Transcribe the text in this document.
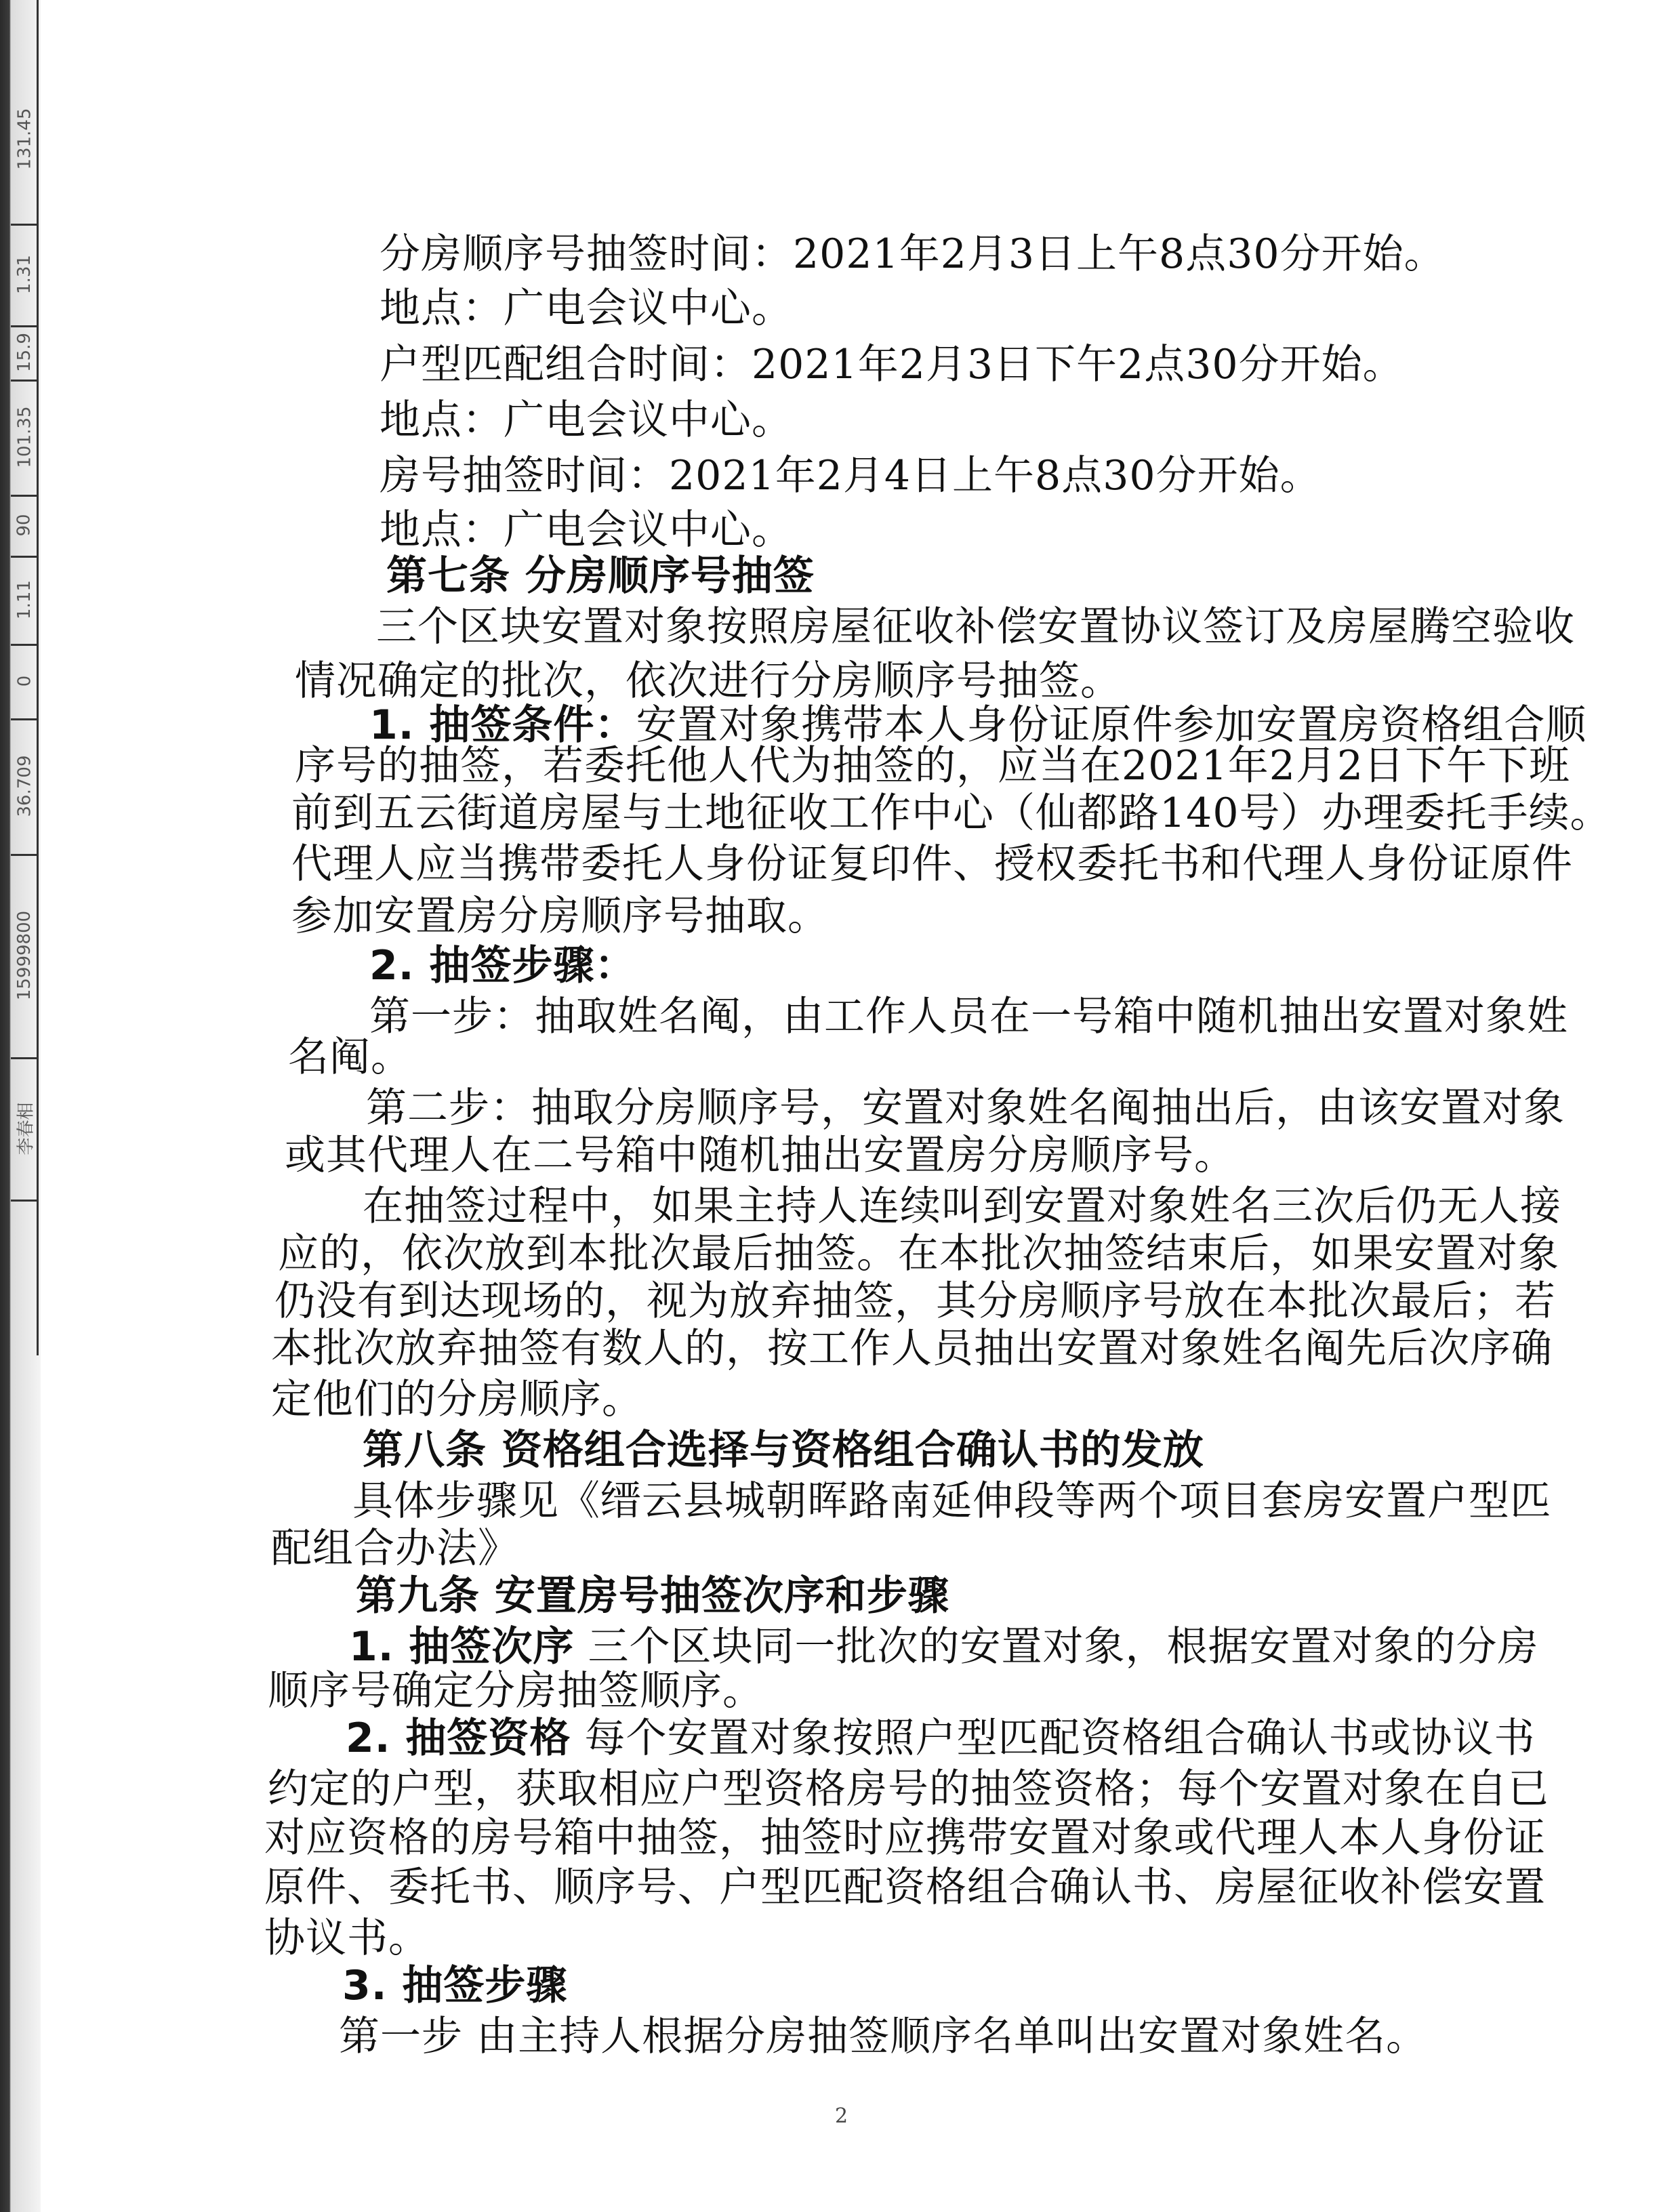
131.45
1.31
15.9
101.35
90
1.11
0
36.709
15999800
李春相
分房顺序号抽签时间：2021年2月3日上午8点30分开始。
地点：广电会议中心。
户型匹配组合时间：2021年2月3日下午2点30分开始。
地点：广电会议中心。
房号抽签时间：2021年2月4日上午8点30分开始。
地点：广电会议中心。
第七条 分房顺序号抽签
三个区块安置对象按照房屋征收补偿安置协议签订及房屋腾空验收
情况确定的批次，依次进行分房顺序号抽签。
1. 抽签条件：安置对象携带本人身份证原件参加安置房资格组合顺
序号的抽签，若委托他人代为抽签的，应当在2021年2月2日下午下班
前到五云街道房屋与土地征收工作中心（仙都路140号）办理委托手续。
代理人应当携带委托人身份证复印件、授权委托书和代理人身份证原件
参加安置房分房顺序号抽取。
2. 抽签步骤：
第一步：抽取姓名阄，由工作人员在一号箱中随机抽出安置对象姓
名阄。
第二步：抽取分房顺序号，安置对象姓名阄抽出后，由该安置对象
或其代理人在二号箱中随机抽出安置房分房顺序号。
在抽签过程中，如果主持人连续叫到安置对象姓名三次后仍无人接
应的，依次放到本批次最后抽签。在本批次抽签结束后，如果安置对象
仍没有到达现场的，视为放弃抽签，其分房顺序号放在本批次最后；若
本批次放弃抽签有数人的，按工作人员抽出安置对象姓名阄先后次序确
定他们的分房顺序。
第八条 资格组合选择与资格组合确认书的发放
具体步骤见《缙云县城朝晖路南延伸段等两个项目套房安置户型匹
配组合办法》
第九条 安置房号抽签次序和步骤
1. 抽签次序 三个区块同一批次的安置对象，根据安置对象的分房
顺序号确定分房抽签顺序。
2. 抽签资格 每个安置对象按照户型匹配资格组合确认书或协议书
约定的户型，获取相应户型资格房号的抽签资格；每个安置对象在自已
对应资格的房号箱中抽签，抽签时应携带安置对象或代理人本人身份证
原件、委托书、顺序号、户型匹配资格组合确认书、房屋征收补偿安置
协议书。
3. 抽签步骤
第一步 由主持人根据分房抽签顺序名单叫出安置对象姓名。
2
